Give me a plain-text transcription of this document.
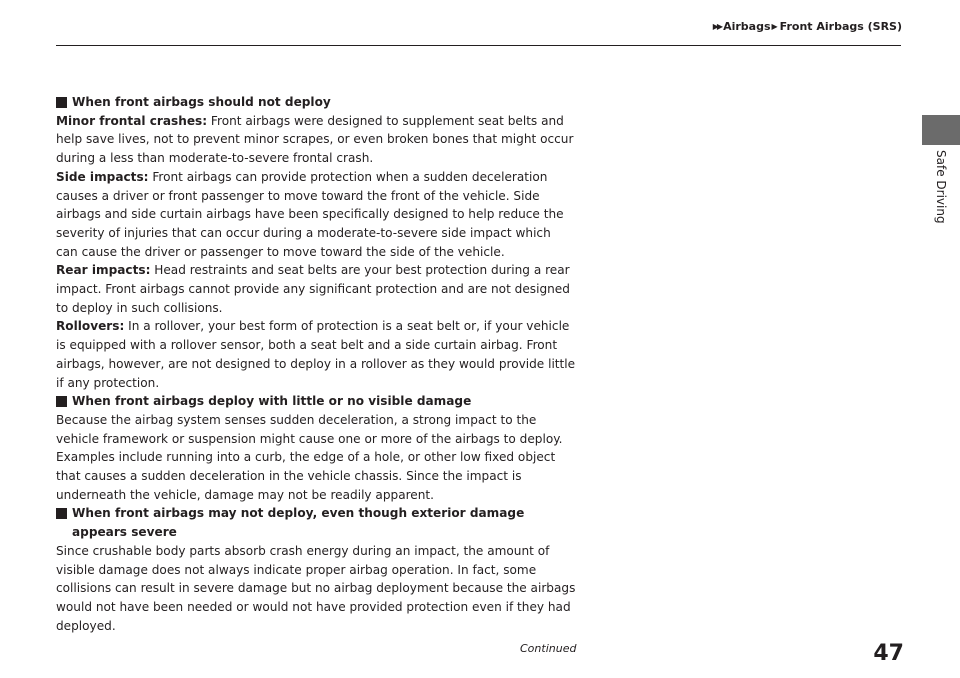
▶▶ Airbags▶ Front Airbags (SRS)
Safe Driving
When front airbags should not deploy
Minor frontal crashes: Front airbags were designed to supplement seat belts and help save lives, not to prevent minor scrapes, or even broken bones that might occur during a less than moderate-to-severe frontal crash.
Side impacts: Front airbags can provide protection when a sudden deceleration causes a driver or front passenger to move toward the front of the vehicle. Side airbags and side curtain airbags have been specifically designed to help reduce the severity of injuries that can occur during a moderate-to-severe side impact which can cause the driver or passenger to move toward the side of the vehicle.
Rear impacts: Head restraints and seat belts are your best protection during a rear impact. Front airbags cannot provide any significant protection and are not designed to deploy in such collisions.
Rollovers: In a rollover, your best form of protection is a seat belt or, if your vehicle is equipped with a rollover sensor, both a seat belt and a side curtain airbag. Front airbags, however, are not designed to deploy in a rollover as they would provide little if any protection.
When front airbags deploy with little or no visible damage
Because the airbag system senses sudden deceleration, a strong impact to the vehicle framework or suspension might cause one or more of the airbags to deploy. Examples include running into a curb, the edge of a hole, or other low fixed object that causes a sudden deceleration in the vehicle chassis. Since the impact is underneath the vehicle, damage may not be readily apparent.
When front airbags may not deploy, even though exterior damage appears severe
Since crushable body parts absorb crash energy during an impact, the amount of visible damage does not always indicate proper airbag operation. In fact, some collisions can result in severe damage but no airbag deployment because the airbags would not have been needed or would not have provided protection even if they had deployed.
Continued	47
